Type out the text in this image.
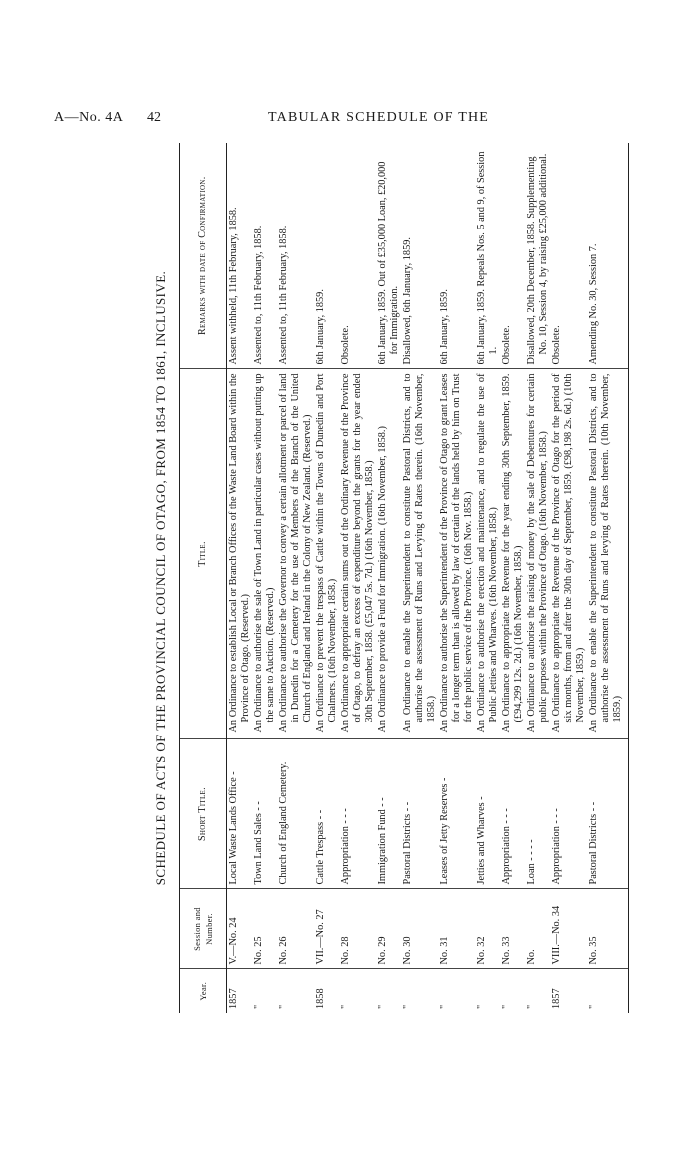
A—No. 4A 42	TABULAR SCHEDULE OF THE
SCHEDULE OF ACTS OF THE PROVINCIAL COUNCIL OF OTAGO, FROM 1854 TO 1861, INCLUSIVE.
Year.	Session and Number.	Short Title.	Title.	Remarks with date of Confirmation.
1857	V.—No. 24	Local Waste Lands Office -	An Ordinance to establish Local or Branch Offices of the Waste Land Board within the Province of Otago. (Reserved.)	Assent withheld, 11th February, 1858.

"	No. 25	Town Land Sales - -	An Ordinance to authorise the sale of Town Land in particular cases without putting up the same to Auction. (Reserved.)	Assented to, 11th February, 1858.

"	No. 26	Church of England Cemetery.	An Ordinance to authorise the Governor to convey a certain allotment or parcel of land in Dunedin for a Cemetery for the use of Members of the Branch of the United Church of England and Ireland in the Colony of New Zealand. (Reserved.)	Assented to, 11th February, 1858.

1858	VII.—No. 27	Cattle Trespass - -	An Ordinance to prevent the trespass of Cattle within the Towns of Dunedin and Port Chalmers. (16th November, 1858.)	6th January, 1859.

"	No. 28	Appropriation - - -	An Ordinance to appropriate certain sums out of the Ordinary Revenue of the Province of Otago, to defray an excess of expenditure beyond the grants for the year ended 30th September, 1858. (£5,047 5s. 7d.) (16th November, 1858.)	Obsolete.

"	No. 29	Immigration Fund - -	An Ordinance to provide a Fund for Immigration. (16th November, 1858.)	6th January, 1859. Out of £35,000 Loan, £20,000 for Immigration.

"	No. 30	Pastoral Districts - -	An Ordinance to enable the Superintendent to constitute Pastoral Districts, and to authorise the assessment of Runs and Levying of Rates therein. (16th November, 1858.)	Disallowed, 6th January, 1859.

"	No. 31	Leases of Jetty Reserves -	An Ordinance to authorise the Superintendent of the Province of Otago to grant Leases for a longer term than is allowed by law of certain of the lands held by him on Trust for the public service of the Province. (16th Nov. 1858.)	6th January, 1859.

"	No. 32	Jetties and Wharves -	An Ordinance to authorise the erection and maintenance, and to regulate the use of Public Jetties and Wharves. (16th November, 1858.)	6th January, 1859. Repeals Nos. 5 and 9, of Session 1.

"	No. 33	Appropriation - - -	An Ordinance to appropriate the Revenue for the year ending 30th September, 1859. (£94,299 12s. 2d.) (16th November, 1858.)	Obsolete.

"	No.	Loan - - - -	An Ordinance to authorise the raising of money by the sale of Debentures for certain public purposes within the Province of Otago. (16th November, 1858.)	Disallowed, 20th December, 1858. Supplementing No. 10, Session 4, by raising £25,000 additional.

1857	VIII.—No. 34	Appropriation - - -	An Ordinance to appropriate the Revenue of the Province of Otago for the period of six months, from and after the 30th day of September, 1859. (£98,198 2s. 6d.) (10th November, 1859.)	Obsolete.

"	No. 35	Pastoral Districts - -	An Ordinance to enable the Superintendent to constitute Pastoral Districts, and to authorise the assessment of Runs and levying of Rates therein. (10th November, 1859.)	Amending No. 30, Session 7.
